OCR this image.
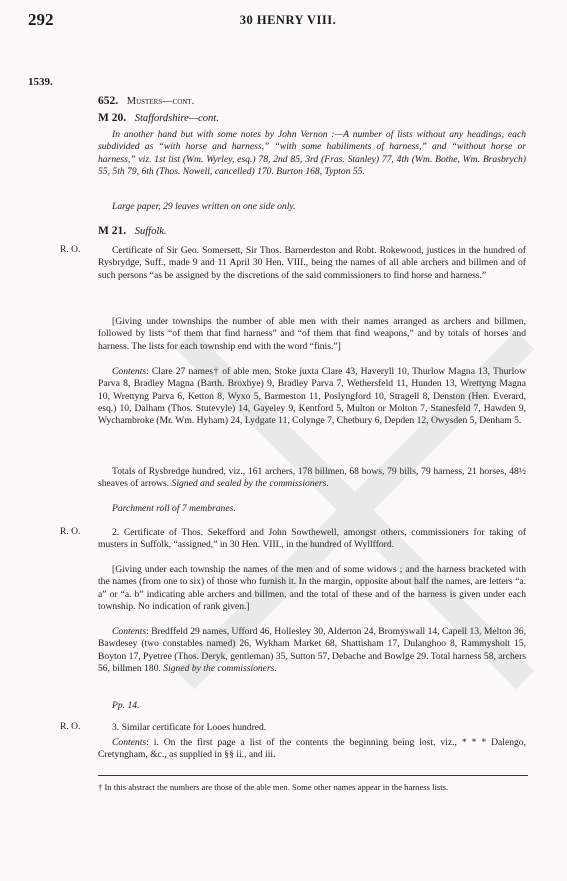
292	30 HENRY VIII.
1539.
652. Musters—cont.
M 20. Staffordshire—cont.

In another hand but with some notes by John Vernon :—A number of lists without any headings, each subdivided as “with horse and harness,” “with some habiliments of harness,” and “without horse or harness,” viz. 1st list (Wm. Wyrley, esq.) 78, 2nd 85, 3rd (Fras. Stanley) 77, 4th (Wm. Bothe, Wm. Brasbrych) 55, 5th 79, 6th (Thos. Nowell, cancelled) 170. Burton 168, Typton 55.

Large paper, 29 leaves written on one side only.

M 21. Suffolk.
R. O.	Certificate of Sir Geo. Somersett, Sir Thos. Barnerdeston and Robt. Rokewood, justices in the hundred of Rysbrydge, Suff., made 9 and 11 April 30 Hen. VIII., being the names of all able archers and billmen and of such persons “as be assigned by the discretions of the said commissioners to find horse and harness.”

[Giving under townships the number of able men with their names arranged as archers and billmen, followed by lists “of them that find harness” and “of them that find weapons,” and by totals of horses and harness. The lists for each township end with the word “finis.”]

Contents: Clare 27 names† of able men, Stoke juxta Clare 43, Haveryll 10, Thurlow Magna 13, Thurlow Parva 8, Bradley Magna (Barth. Broxbye) 9, Bradley Parva 7, Wethersfeld 11, Hunden 13, Wrettyng Magna 10, Wrettyng Parva 6, Ketton 8, Wyxo 5, Barmeston 11, Poslyngford 10, Stragell 8, Denston (Hen. Everard, esq.) 10, Dalham (Thos. Stutevyle) 14, Gayeley 9, Kentford 5, Multon or Molton 7, Stanesfeld 7, Hawden 9, Wychambroke (Mr. Wm. Hyham) 24, Lydgate 11, Colynge 7, Chetbury 6, Depden 12, Owysden 5, Denham 5.

Totals of Rysbredge hundred, viz., 161 archers, 178 billmen, 68 bows, 79 bills, 79 harness, 21 horses, 48½ sheaves of arrows. Signed and sealed by the commissioners.

Parchment roll of 7 membranes.

R. O.	2. Certificate of Thos. Sekefford and John Sowthewell, amongst others, commissioners for taking of musters in Suffolk, “assigned,” in 30 Hen. VIII., in the hundred of Wyllfford.

[Giving under each township the names of the men and of some widows ; and the harness bracketed with the names (from one to six) of those who furnish it. In the margin, opposite about half the names, are letters “a. a” or “a. b” indicating able archers and billmen, and the total of these and of the harness is given under each township. No indication of rank given.]

Contents: Bredffeld 29 names, Ufford 46, Hollesley 30, Alderton 24, Bromyswall 14, Capell 13, Melton 36, Bawdesey (two constables named) 26, Wykham Market 68, Shattisham 17, Dulanghoo 8, Rammysholt 15, Boyton 17, Pyetree (Thos. Deryk, gentleman) 35, Sutton 57, Debache and Bowlge 29. Total harness 58, archers 56, billmen 180. Signed by the commissioners.

Pp. 14.

R. O.	3. Similar certificate for Looes hundred.

Contents: i. On the first page a list of the contents the beginning being lost, viz., * * * Dalengo, Cretyngham, &c., as supplied in §§ ii., and iii.

† In this abstract the numbers are those of the able men. Some other names appear in the harness lists.
